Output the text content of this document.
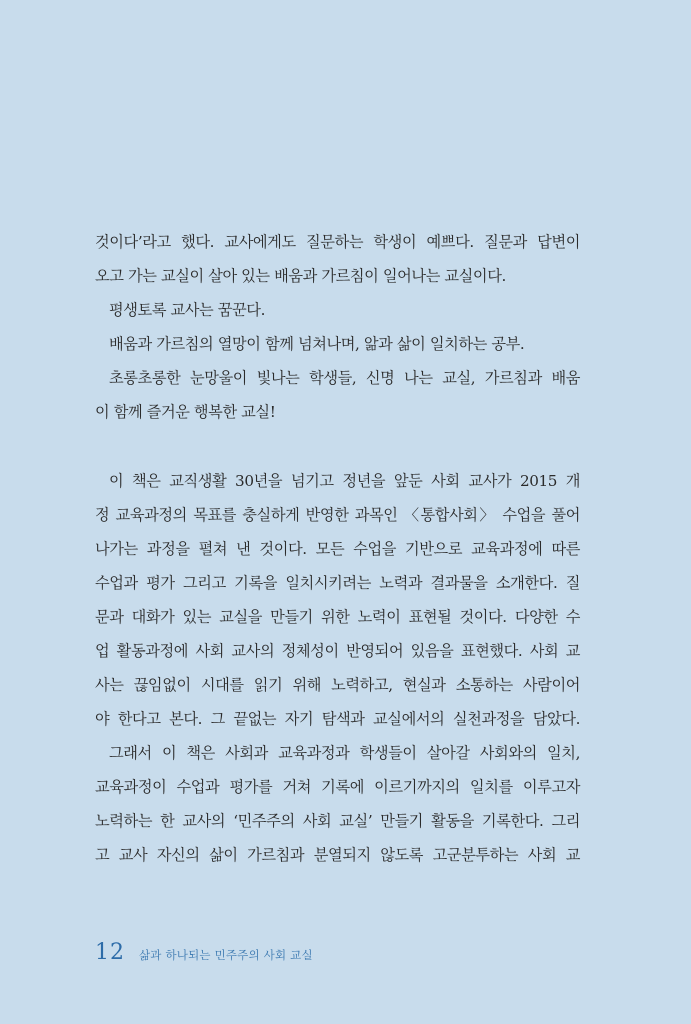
것이다’라고 했다. 교사에게도 질문하는 학생이 예쁘다. 질문과 답변이
오고 가는 교실이 살아 있는 배움과 가르침이 일어나는 교실이다.
평생토록 교사는 꿈꾼다.
배움과 가르침의 열망이 함께 넘쳐나며, 앎과 삶이 일치하는 공부.
초롱초롱한 눈망울이 빛나는 학생들, 신명 나는 교실, 가르침과 배움
이 함께 즐거운 행복한 교실!
이 책은 교직생활 30년을 넘기고 정년을 앞둔 사회 교사가 2015 개
정 교육과정의 목표를 충실하게 반영한 과목인 〈통합사회〉 수업을 풀어
나가는 과정을 펼쳐 낸 것이다. 모든 수업을 기반으로 교육과정에 따른
수업과 평가 그리고 기록을 일치시키려는 노력과 결과물을 소개한다. 질
문과 대화가 있는 교실을 만들기 위한 노력이 표현될 것이다. 다양한 수
업 활동과정에 사회 교사의 정체성이 반영되어 있음을 표현했다. 사회 교
사는 끊임없이 시대를 읽기 위해 노력하고, 현실과 소통하는 사람이어
야 한다고 본다. 그 끝없는 자기 탐색과 교실에서의 실천과정을 담았다.
그래서 이 책은 사회과 교육과정과 학생들이 살아갈 사회와의 일치,
교육과정이 수업과 평가를 거쳐 기록에 이르기까지의 일치를 이루고자
노력하는 한 교사의 ‘민주주의 사회 교실’ 만들기 활동을 기록한다. 그리
고 교사 자신의 삶이 가르침과 분열되지 않도록 고군분투하는 사회 교
12 삶과 하나되는 민주주의 사회 교실
